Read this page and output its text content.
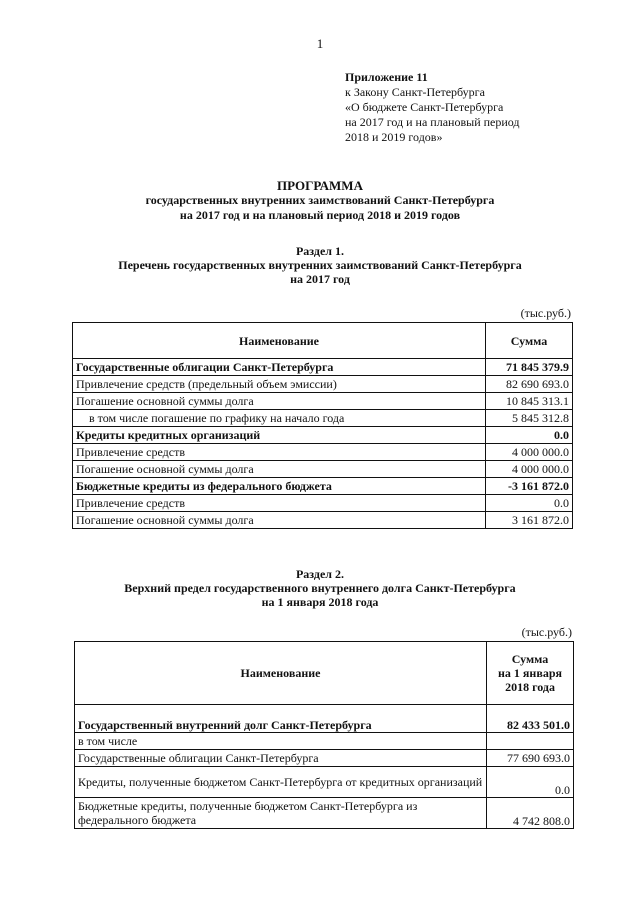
1
Приложение 11
к Закону Санкт-Петербурга
«О бюджете Санкт-Петербурга
на 2017 год и на плановый период
2018 и 2019 годов»
ПРОГРАММА
государственных внутренних заимствований Санкт-Петербурга
на 2017 год и на плановый период 2018 и 2019 годов
Раздел 1.
Перечень государственных внутренних заимствований Санкт-Петербурга
на 2017 год
(тыс.руб.)
Наименование	Сумма
Государственные облигации Санкт-Петербурга	71 845 379.9
Привлечение средств (предельный объем эмиссии)	82 690 693.0
Погашение основной суммы долга	10 845 313.1
в том числе погашение по графику на начало года	5 845 312.8
Кредиты кредитных организаций	0.0
Привлечение средств	4 000 000.0
Погашение основной суммы долга	4 000 000.0
Бюджетные кредиты из федерального бюджета	-3 161 872.0
Привлечение средств	0.0
Погашение основной суммы долга	3 161 872.0
Раздел 2.
Верхний предел государственного внутреннего долга Санкт-Петербурга
на 1 января 2018 года
(тыс.руб.)
Наименование	Сумма
на 1 января
2018 года

Государственный внутренний долг Санкт-Петербурга	82 433 501.0
в том числе	
Государственные облигации Санкт-Петербурга	77 690 693.0
Кредиты, полученные бюджетом Санкт-Петербурга от кредитных организаций	0.0
Бюджетные кредиты, полученные бюджетом Санкт-Петербурга из федерального бюджета	4 742 808.0
